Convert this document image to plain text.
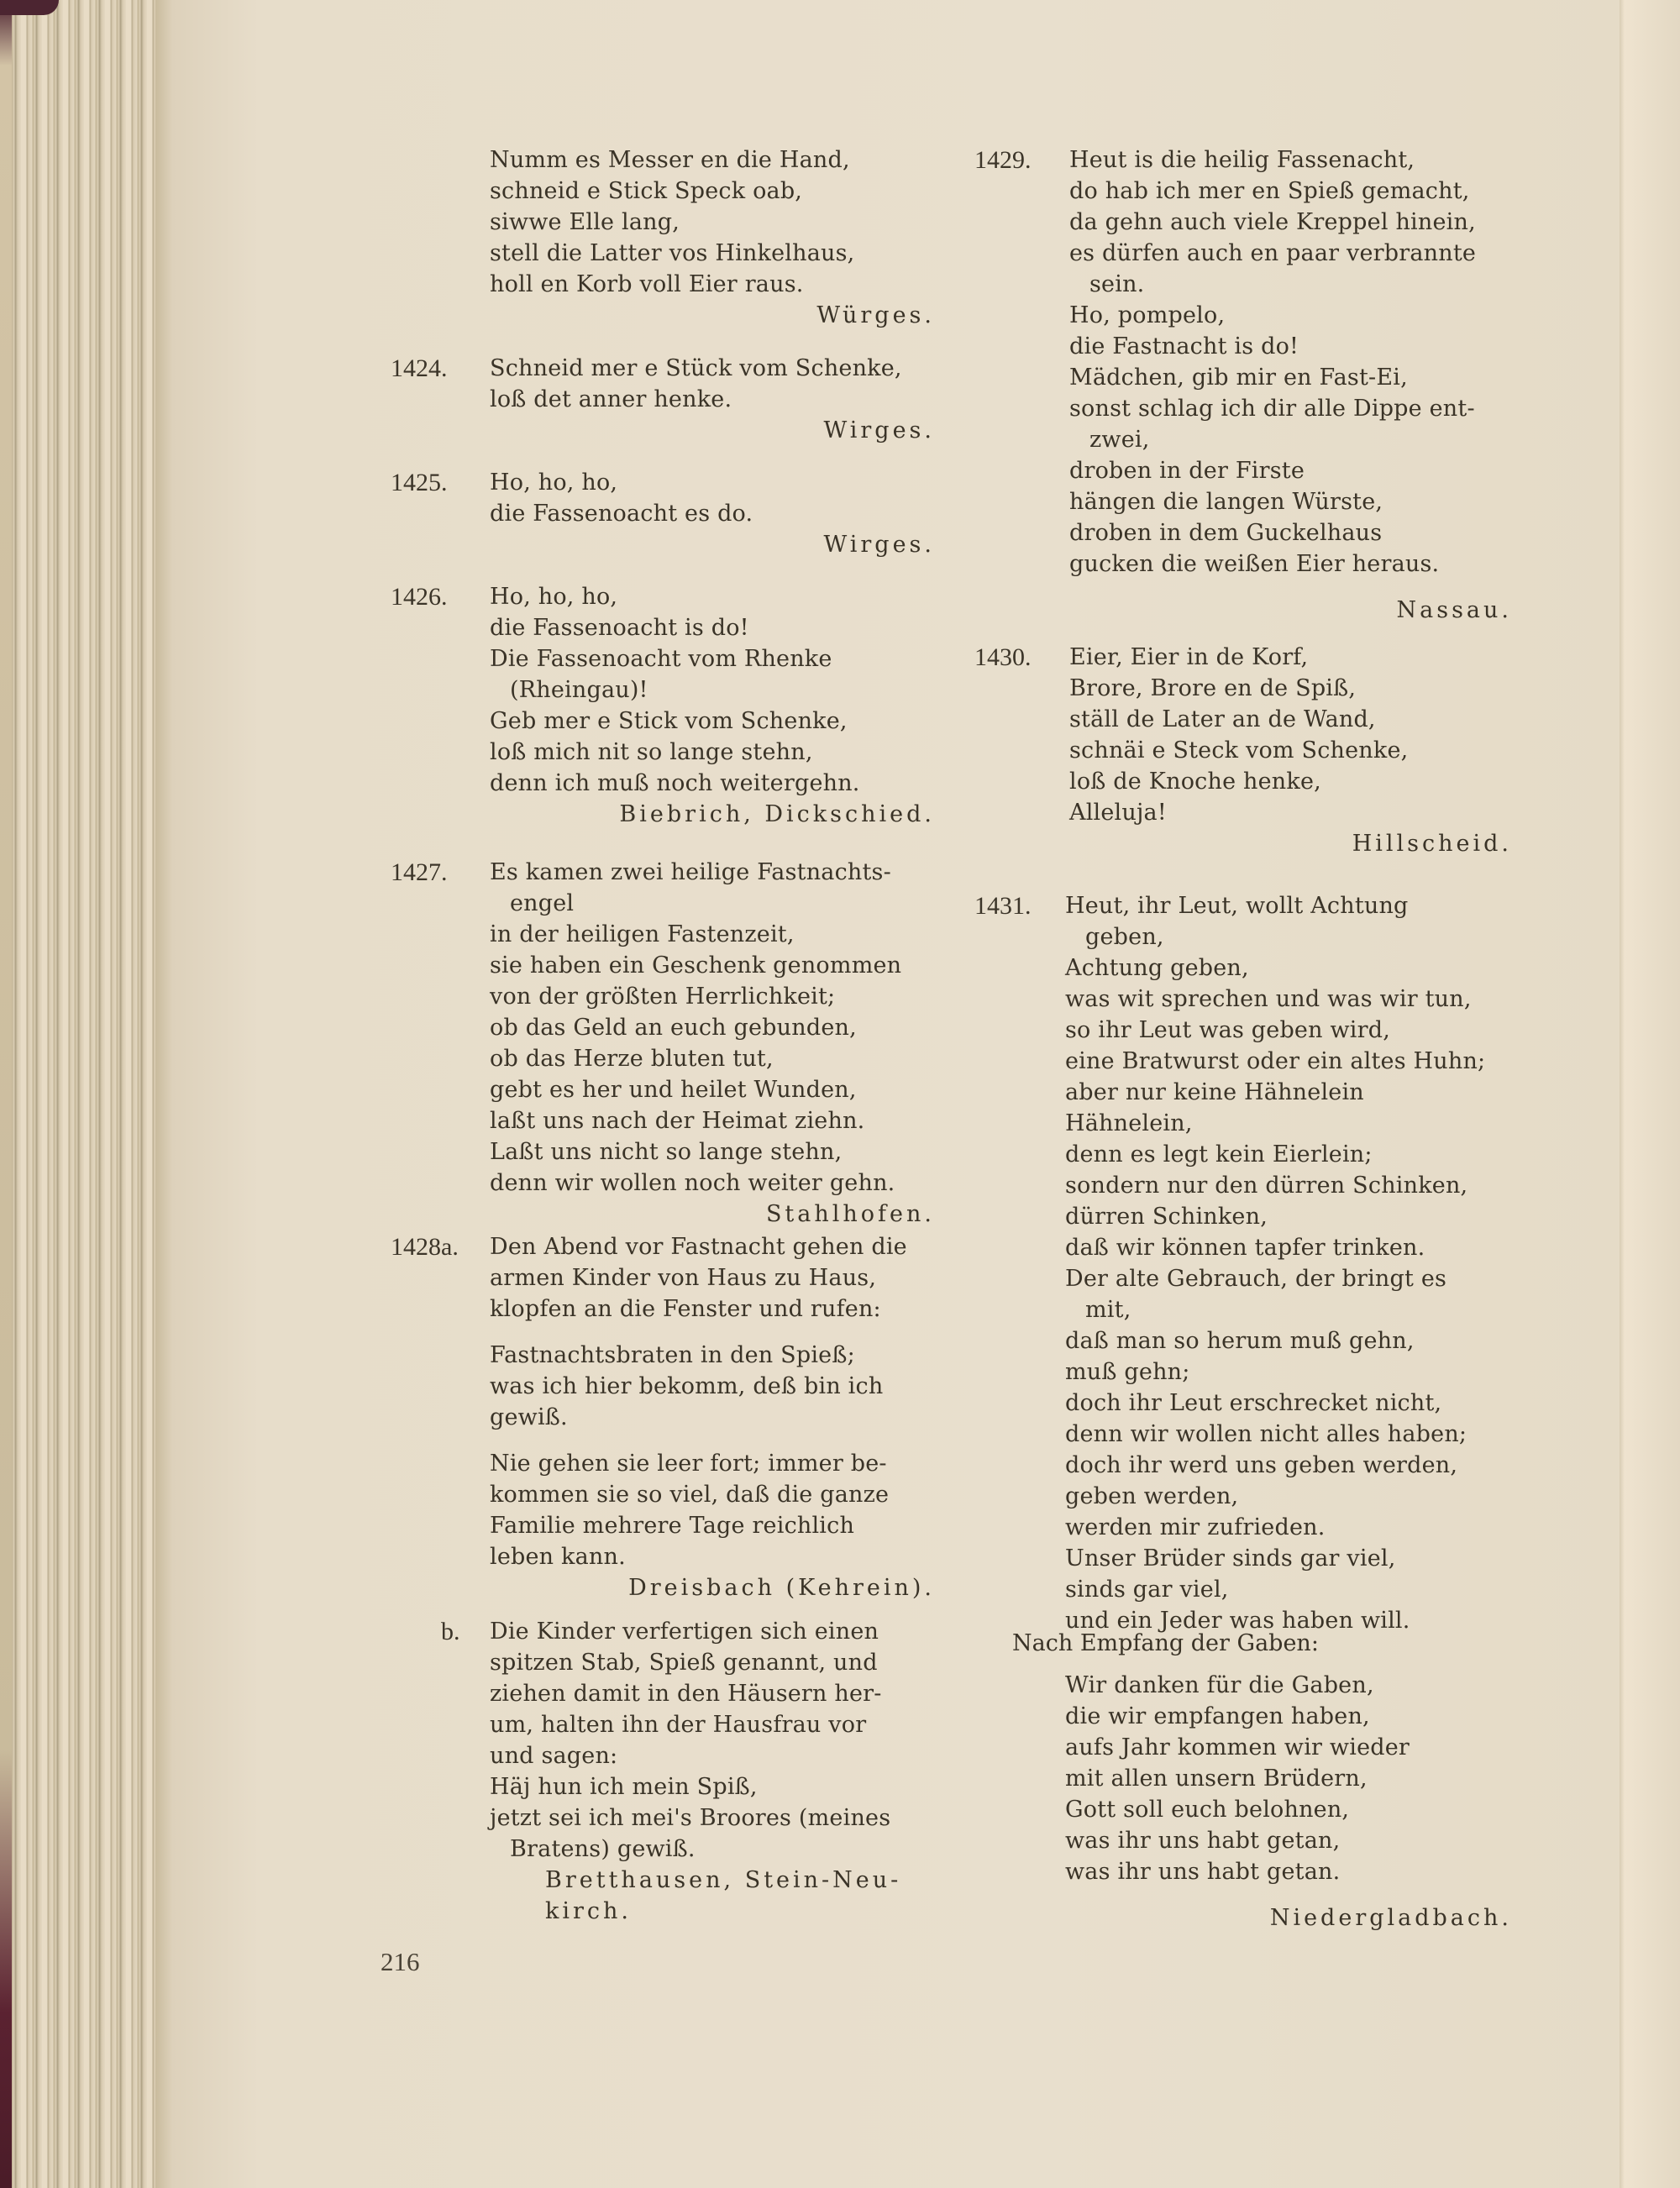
Numm es Messer en die Hand,
schneid e Stick Speck oab,
siwwe Elle lang,
stell die Latter vos Hinkelhaus,
holl en Korb voll Eier raus.
Würges.
1424. Schneid mer e Stück vom Schenke,
loß det anner henke.
Wirges.
1425. Ho, ho, ho,
die Fassenoacht es do.
Wirges.
1426. Ho, ho, ho,
die Fassenoacht is do!
Die Fassenoacht vom Rhenke
(Rheingau)!
Geb mer e Stick vom Schenke,
loß mich nit so lange stehn,
denn ich muß noch weitergehn.
Biebrich, Dickschied.
1427. Es kamen zwei heilige Fastnachts-
engel
in der heiligen Fastenzeit,
sie haben ein Geschenk genommen
von der größten Herrlichkeit;
ob das Geld an euch gebunden,
ob das Herze bluten tut,
gebt es her und heilet Wunden,
laßt uns nach der Heimat ziehn.
Laßt uns nicht so lange stehn,
denn wir wollen noch weiter gehn.
Stahlhofen.
1428a. Den Abend vor Fastnacht gehen die
armen Kinder von Haus zu Haus,
klopfen an die Fenster und rufen:
Fastnachtsbraten in den Spieß;
was ich hier bekomm, deß bin ich
gewiß.
Nie gehen sie leer fort; immer be-
kommen sie so viel, daß die ganze
Familie mehrere Tage reichlich
leben kann.
Dreisbach (Kehrein).
b. Die Kinder verfertigen sich einen
spitzen Stab, Spieß genannt, und
ziehen damit in den Häusern her-
um, halten ihn der Hausfrau vor
und sagen:
Häj hun ich mein Spiß,
jetzt sei ich mei's Broores (meines
Bratens) gewiß.
Bretthausen, Stein-Neu-
kirch.
216
1429. Heut is die heilig Fassenacht,
do hab ich mer en Spieß gemacht,
da gehn auch viele Kreppel hinein,
es dürfen auch en paar verbrannte
sein.
Ho, pompelo,
die Fastnacht is do!
Mädchen, gib mir en Fast-Ei,
sonst schlag ich dir alle Dippe ent-
zwei,
droben in der Firste
hängen die langen Würste,
droben in dem Guckelhaus
gucken die weißen Eier heraus.
Nassau.
1430. Eier, Eier in de Korf,
Brore, Brore en de Spiß,
ställ de Later an de Wand,
schnäi e Steck vom Schenke,
loß de Knoche henke,
Alleluja!
Hillscheid.
1431. Heut, ihr Leut, wollt Achtung
geben,
Achtung geben,
was wit sprechen und was wir tun,
so ihr Leut was geben wird,
eine Bratwurst oder ein altes Huhn;
aber nur keine Hähnelein
Hähnelein,
denn es legt kein Eierlein;
sondern nur den dürren Schinken,
dürren Schinken,
daß wir können tapfer trinken.
Der alte Gebrauch, der bringt es
mit,
daß man so herum muß gehn,
muß gehn;
doch ihr Leut erschrecket nicht,
denn wir wollen nicht alles haben;
doch ihr werd uns geben werden,
geben werden,
werden mir zufrieden.
Unser Brüder sinds gar viel,
sinds gar viel,
und ein Jeder was haben will.
Nach Empfang der Gaben:
Wir danken für die Gaben,
die wir empfangen haben,
aufs Jahr kommen wir wieder
mit allen unsern Brüdern,
Gott soll euch belohnen,
was ihr uns habt getan,
was ihr uns habt getan.
Niedergladbach.
